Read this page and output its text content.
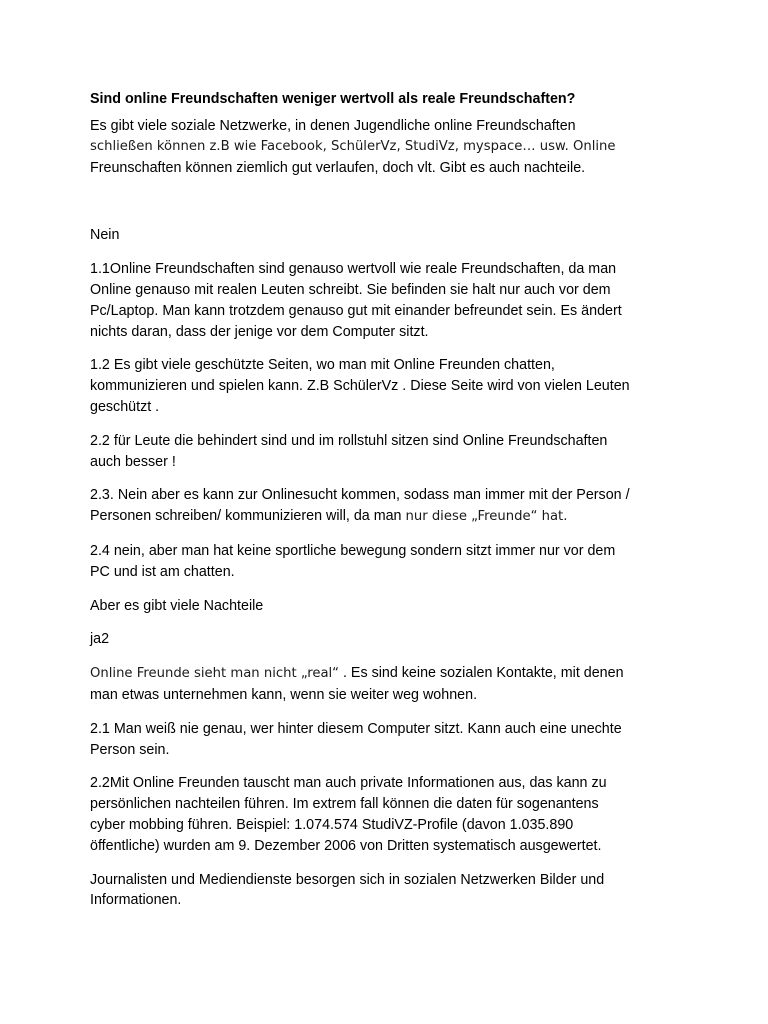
Sind online Freundschaften weniger wertvoll als reale Freundschaften?

Es gibt viele soziale Netzwerke, in denen Jugendliche online Freundschaften
schließen können z.B wie Facebook, SchülerVz, StudiVz, myspace… usw. Online
Freunschaften können ziemlich gut verlaufen, doch vlt. Gibt es auch nachteile.

Nein

1.1Online Freundschaften sind genauso wertvoll wie reale Freundschaften, da man
Online genauso mit realen Leuten schreibt. Sie befinden sie halt nur auch vor dem
Pc/Laptop. Man kann trotzdem genauso gut mit einander befreundet sein. Es ändert
nichts daran, dass der jenige vor dem Computer sitzt.

1.2 Es gibt viele geschützte Seiten, wo man mit Online Freunden chatten,
kommunizieren und spielen kann. Z.B SchülerVz . Diese Seite wird von vielen Leuten
geschützt .

2.2 für Leute die behindert sind und im rollstuhl sitzen sind Online Freundschaften
auch besser !

2.3. Nein aber es kann zur Onlinesucht kommen, sodass man immer mit der Person /
Personen schreiben/ kommunizieren will, da man nur diese „Freunde“ hat.

2.4 nein, aber man hat keine sportliche bewegung sondern sitzt immer nur vor dem
PC und ist am chatten.

Aber es gibt viele Nachteile

ja2

Online Freunde sieht man nicht „real“ . Es sind keine sozialen Kontakte, mit denen
man etwas unternehmen kann, wenn sie weiter weg wohnen.

2.1 Man weiß nie genau, wer hinter diesem Computer sitzt. Kann auch eine unechte
Person sein.

2.2Mit Online Freunden tauscht man auch private Informationen aus, das kann zu
persönlichen nachteilen führen. Im extrem fall können die daten für sogenantens
cyber mobbing führen. Beispiel: 1.074.574 StudiVZ-Profile (davon 1.035.890
öffentliche) wurden am 9. Dezember 2006 von Dritten systematisch ausgewertet.

Journalisten und Mediendienste besorgen sich in sozialen Netzwerken Bilder und
Informationen.
